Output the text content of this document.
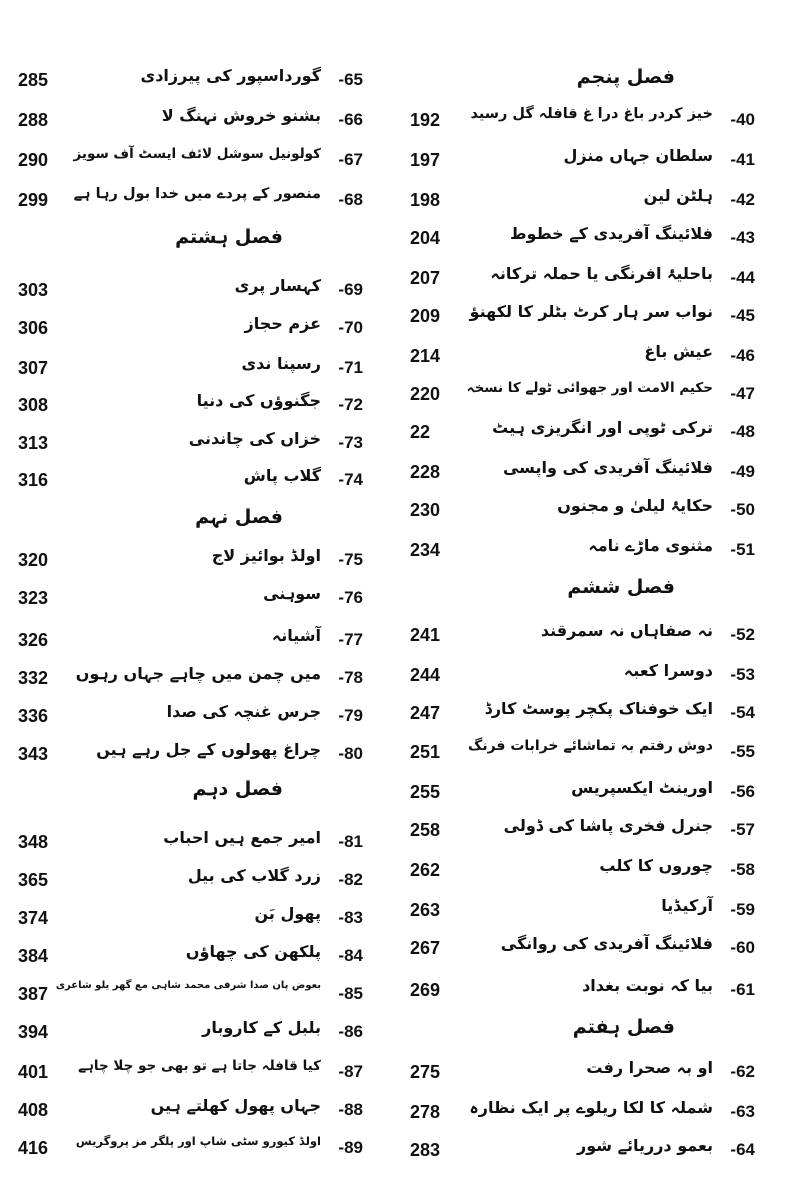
285	گورداسپور کی پیرزادی -65
288	بشنو خروش نہنگ لا -66
290	کولونیل سوشل لائف ایسٹ آف سویز -67
299	منصور کے پردے میں خدا بول رہا ہے -68
فصل ہشتم
303	کہسار پری -69
306	عزم حجاز -70
307	رسپنا ندی -71
308	جگنوؤں کی دنیا -72
313	خزاں کی چاندنی -73
316	گلاب پاش -74
فصل نہم
320	اولڈ بوائیز لاج -75
323	سوہنی -76
326	آشیانہ -77
332	میں چمن میں چاہے جہاں رہوں -78
336	جرس غنچہ کی صدا -79
343	چراغ پھولوں کے جل رہے ہیں -80
فصل دہم
348	امیر جمع ہیں احباب -81
365	زرد گلاب کی بیل -82
374	پھول بَن -83
384	پلکھن کی چھاؤں -84
387 بعوض پان صدا شرفی محمد شاہی مع گھر یلو شاعری -85
394	بلبل کے کاروبار -86
401	کیا قافلہ جاتا ہے تو بھی جو چلا چاہے -87
408	جہاں پھول کھلتے ہیں -88
416	اولڈ کیورو سٹی شاپ اور پلگر مز پروگریس -89
فصل پنجم
192	خیز کردر باغ درا غ قافلہ گل رسید -40
197	سلطان جہاں منزل -41
198	ہلٹن لین -42
204	فلائینگ آفریدی کے خطوط -43
207	باحلیۂ افرنگی یا حملہ ترکانہ -44
209	نواب سر ہار کرٹ بٹلر کا لکھنؤ -45
214	عیش باغ -46
220	حکیم الامت اور جھوائی ٹولے کا نسخہ -47
22	ترکی ٹوپی اور انگریزی ہیٹ -48
228	فلائینگ آفریدی کی واپسی -49
230	حکایۂ لیلیٰ و مجنوں -50
234	مثنوی ماڑے نامہ -51
فصل ششم
241	نہ صفاہاں نہ سمرقند -52
244	دوسرا کعبہ -53
247	ایک خوفناک پکچر پوسٹ کارڈ -54
251	دوش رفتم بہ تماشائے خرابات فرنگ -55
255	اورینٹ ایکسپریس -56
258	جنرل فخری پاشا کی ڈولی -57
262	چوروں کا کلب -58
263	آرکیڈیا -59
267	فلائینگ آفریدی کی روانگی -60
269	بیا کہ نوبت بغداد -61
فصل ہفتم
275	او بہ صحرا رفت -62
278	شملہ کا لکا ریلوے پر ایک نظارہ -63
283	بعمو درریائے شور -64
